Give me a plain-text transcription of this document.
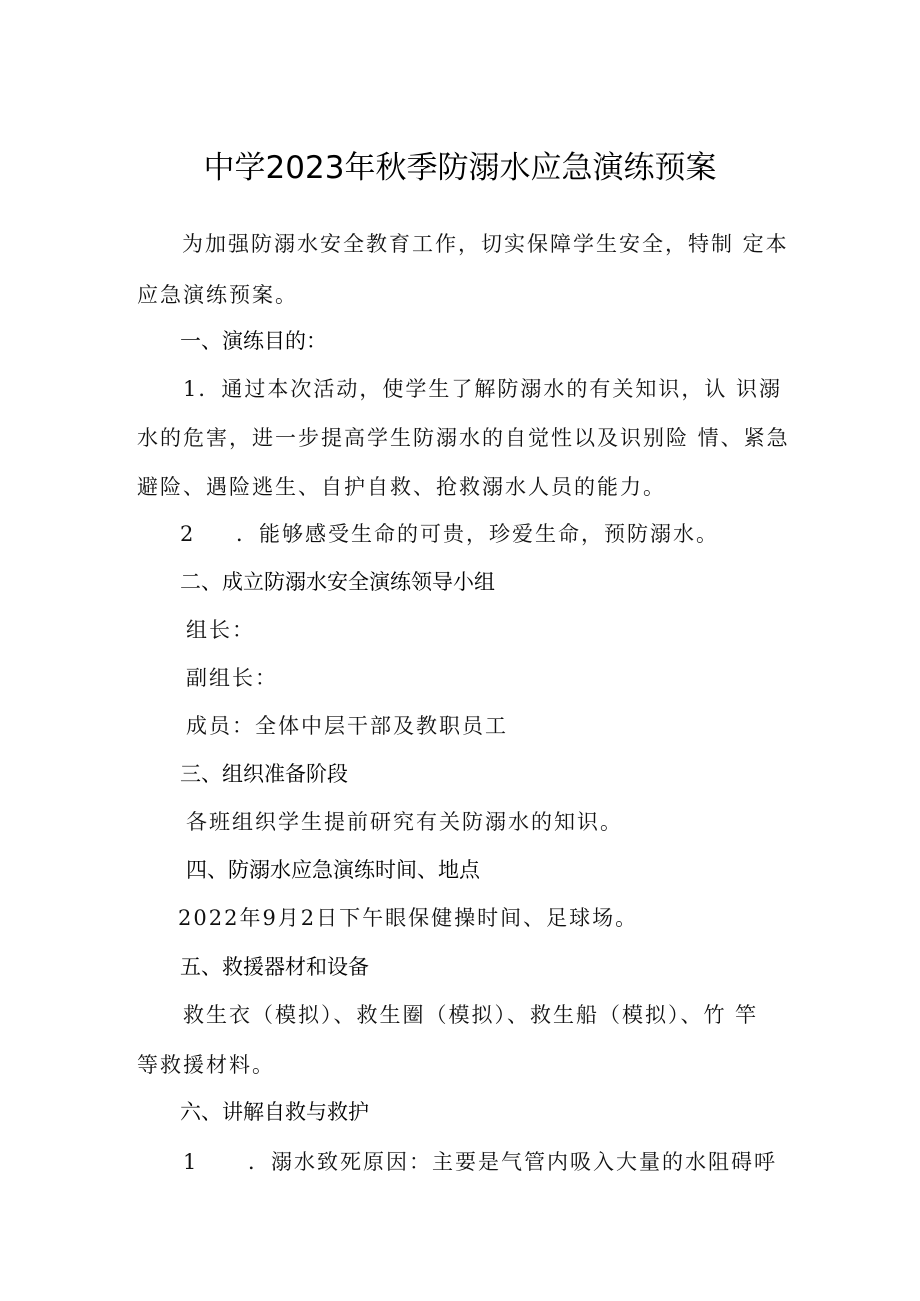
中学2023年秋季防溺水应急演练预案
为加强防溺水安全教育工作，切实保障学生安全，特制 定本
应急演练预案。
一、演练目的：
1．通过本次活动，使学生了解防溺水的有关知识，认 识溺
水的危害，进一步提高学生防溺水的自觉性以及识别险 情、紧急
避险、遇险逃生、自护自救、抢救溺水人员的能力。
2 ．能够感受生命的可贵，珍爱生命，预防溺水。
二、成立防溺水安全演练领导小组
组长：
副组长：
成员：全体中层干部及教职员工
三、组织准备阶段
各班组织学生提前研究有关防溺水的知识。
四、防溺水应急演练时间、地点
2022年9月2日下午眼保健操时间、足球场。
五、救援器材和设备
救生衣（模拟）、救生圈（模拟）、救生船（模拟）、竹 竿
等救援材料。
六、讲解自救与救护
1 ．溺水致死原因：主要是气管内吸入大量的水阻碍呼
